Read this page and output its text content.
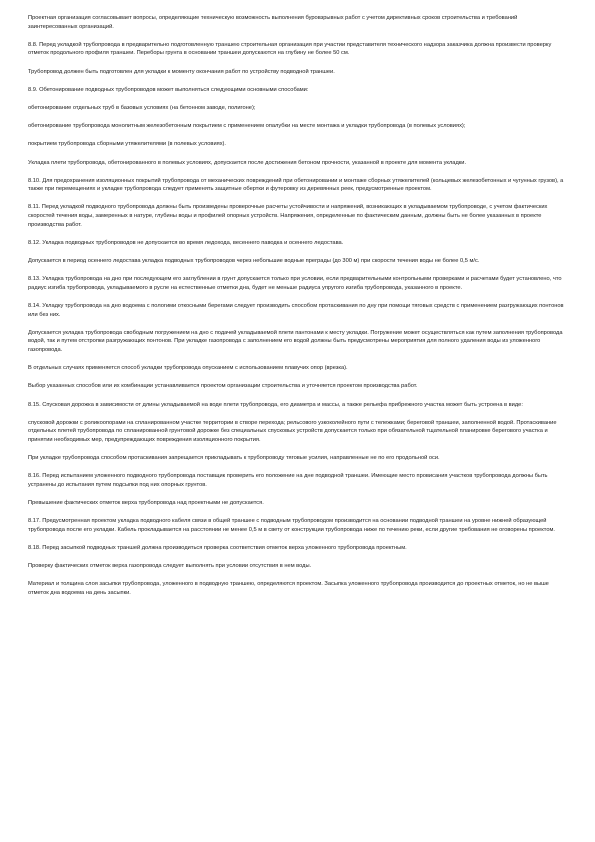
Проектная организация согласовывает вопросы, определяющие техническую возможность выполнения буровзрывных работ с учетом директивных сроков строительства и требований заинтересованных организаций.

8.8. Перед укладкой трубопровода в предварительно подготовленную траншею строительная организация при участии представителя технического надзора заказчика должна произвести проверку отметок продольного профиля траншеи. Переборы грунта в основании траншеи допускаются на глубину не более 50 см.

Трубопровод должен быть подготовлен для укладки к моменту окончания работ по устройству подводной траншеи.

8.9. Обетонирование подводных трубопроводов может выполняться следующими основными способами:

обетонирование отдельных труб в базовых условиях (на бетонном заводе, полигоне);

обетонирование трубопровода монолитным железобетонным покрытием с применением опалубки на месте монтажа и укладки трубопровода (в полевых условиях);

покрытием трубопровода сборными утяжелителями (в полевых условиях).

Укладка плети трубопровода, обетонированного в полевых условиях, допускается после достижения бетоном прочности, указанной в проекте для момента укладки.

8.10. Для предохранения изоляционных покрытий трубопровода от механических повреждений при обетонировании и монтаже сборных утяжелителей (кольцевых железобетонных и чугунных грузов), а также при перемещениях и укладке трубопровода следует применять защитные обертки и футеровку из деревянных реек, предусмотренные проектом.

8.11. Перед укладкой подводного трубопровода должны быть произведены проверочные расчеты устойчивости и напряжений, возникающих в укладываемом трубопроводе, с учетом фактических скоростей течения воды, замеренных в натуре, глубины воды и профилей опорных устройств. Напряжения, определенные по фактическим данным, должны быть не более указанных в проекте производства работ.

8.12. Укладка подводных трубопроводов не допускается во время ледохода, весеннего паводка и осеннего ледостава.

Допускается в период осеннего ледостава укладка подводных трубопроводов через небольшие водные преграды (до 300 м) при скорости течения воды не более 0,5 м/с.

8.13. Укладка трубопровода на дно при последующем его заглублении в грунт допускается только при условии, если предварительными контрольными проверками и расчетами будет установлено, что радиус изгиба трубопровода, укладываемого в русле на естественные отметки дна, будет не меньше радиуса упругого изгиба трубопровода, указанного в проекте.

8.14. Укладку трубопровода на дно водоема с пологими откосными берегами следует производить способом протаскивания по дну при помощи тяговых средств с применением разгружающих понтонов или без них.

Допускается укладка трубопровода свободным погружением на дно с подачей укладываемой плети пантонами к месту укладки. Погружение может осуществляться как путем заполнения трубопровода водой, так и путем отстропки разгружающих понтонов. При укладке газопровода с заполнением его водой должны быть предусмотрены мероприятия для полного удаления воды из уложенного газопровода.

В отдельных случаях применяется способ укладки трубопровода опусканием с использованием плавучих опор (врезка).

Выбор указанных способов или их комбинации устанавливается проектом организации строительства и уточняется проектом производства работ.

8.15. Спусковая дорожка в зависимости от длины укладываемой на воде плети трубопровода, его диаметра и массы, а также рельефа прибрежного участка может быть устроена в виде:

спусковой дорожки с роликоопорами на спланированном участке территории в створе перехода; рельсового узкоколейного пути с тележками; береговой траншеи, заполненной водой. Протаскивание отдельных плетей трубопровода по спланированной грунтовой дорожке без специальных спусковых устройств допускается только при обязательной тщательной планировке берегового участка и принятии необходимых мер, предупреждающих повреждения изоляционного покрытия.

При укладке трубопровода способом протаскивания запрещается прикладывать к трубопроводу тяговые усилия, направленные не по его продольной оси.

8.16. Перед испытанием уложенного подводного трубопровода поставщик проверить его положение на дне подводной траншеи. Имеющие место провисания участков трубопровода должны быть устранены до испытания путем подсыпки под них опорных грунтов.

Превышение фактических отметок верха трубопровода над проектными не допускается.

8.17. Предусмотренная проектом укладка подводного кабеля связи в общей траншее с подводным трубопроводом производится на основании подводной траншеи на уровне нижней образующей трубопровода после его укладки. Кабель прокладывается на расстоянии не менее 0,5 м в свету от конструкции трубопровода ниже по течению реки, если другие требования не оговорены проектом.

8.18. Перед засыпкой подводных траншей должна производиться проверка соответствия отметок верха уложенного трубопровода проектным.

Проверку фактических отметок верха газопровода следует выполнять при условии отсутствия в нем воды.

Материал и толщина слоя засыпки трубопровода, уложенного в подводную траншею, определяются проектом. Засыпка уложенного трубопровода производится до проектных отметок, но не выше отметок дна водоема на день засыпки.
